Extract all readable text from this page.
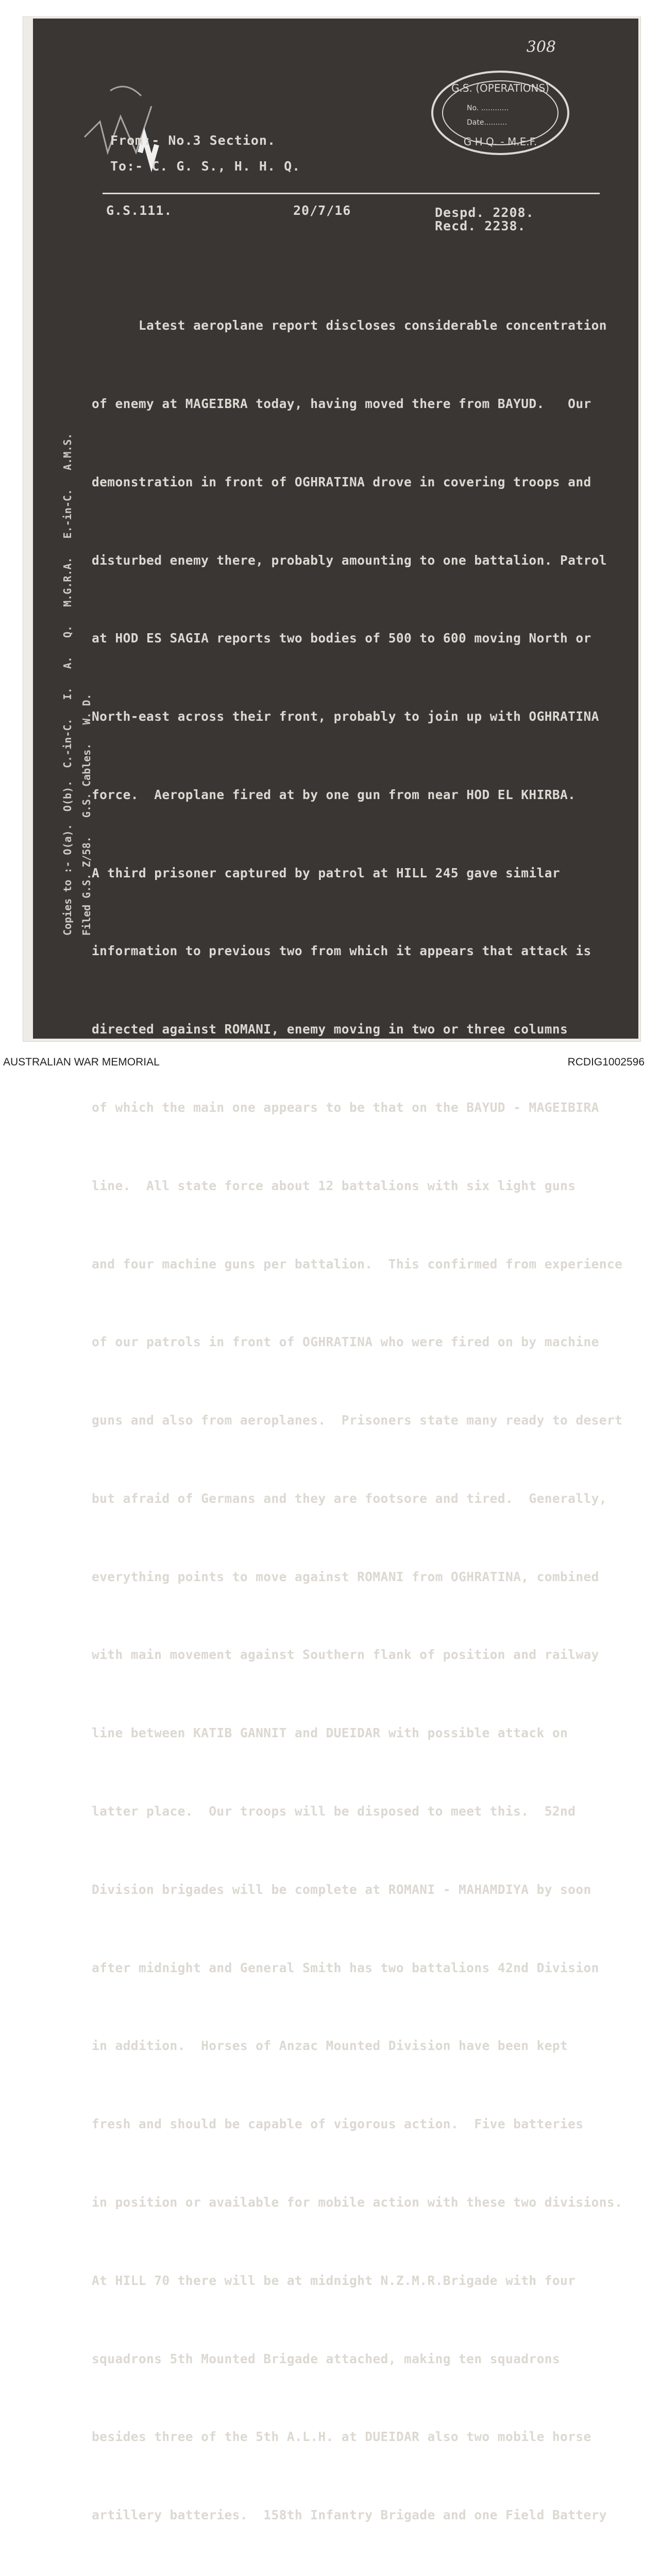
308
G.S. (OPERATIONS)
No. ............
Date..........
G H Q. - M.E.F.
From:- No.3 Section.
To:- C. G. S., H. H. Q.
G.S.111.	20/7/16	Despd. 2208.
Recd. 2238.

Latest aeroplane report discloses considerable concentration

of enemy at MAGEIBRA today, having moved there from BAYUD.   Our

demonstration in front of OGHRATINA drove in covering troops and

disturbed enemy there, probably amounting to one battalion. Patrol

at HOD ES SAGIA reports two bodies of 500 to 600 moving North or

North-east across their front, probably to join up with OGHRATINA

force.  Aeroplane fired at by one gun from near HOD EL KHIRBA.

A third prisoner captured by patrol at HILL 245 gave similar

information to previous two from which it appears that attack is

directed against ROMANI, enemy moving in two or three columns

of which the main one appears to be that on the BAYUD - MAGEIBIRA

line.  All state force about 12 battalions with six light guns

and four machine guns per battalion.  This confirmed from experience

of our patrols in front of OGHRATINA who were fired on by machine

guns and also from aeroplanes.  Prisoners state many ready to desert

but afraid of Germans and they are footsore and tired.  Generally,

everything points to move against ROMANI from OGHRATINA, combined

with main movement against Southern flank of position and railway

line between KATIB GANNIT and DUEIDAR with possible attack on

latter place.  Our troops will be disposed to meet this.  52nd

Division brigades will be complete at ROMANI - MAHAMDIYA by soon

after midnight and General Smith has two battalions 42nd Division

in addition.  Horses of Anzac Mounted Division have been kept

fresh and should be capable of vigorous action.  Five batteries

in position or available for mobile action with these two divisions.

At HILL 70 there will be at midnight N.Z.M.R.Brigade with four

squadrons 5th Mounted Brigade attached, making ten squadrons

besides three of the 5th A.L.H. at DUEIDAR also two mobile horse

artillery batteries.  158th Infantry Brigade and one Field Battery

Copies to :- O(a).  O(b).  C.-in-C.   I.   A.   Q.   M.G.R.A.   E.-in-C.   A.M.S. Filed G.S. Z/58.   G.S. Cables.   W. D.
AUSTRALIAN WAR MEMORIAL	RCDIG1002596
